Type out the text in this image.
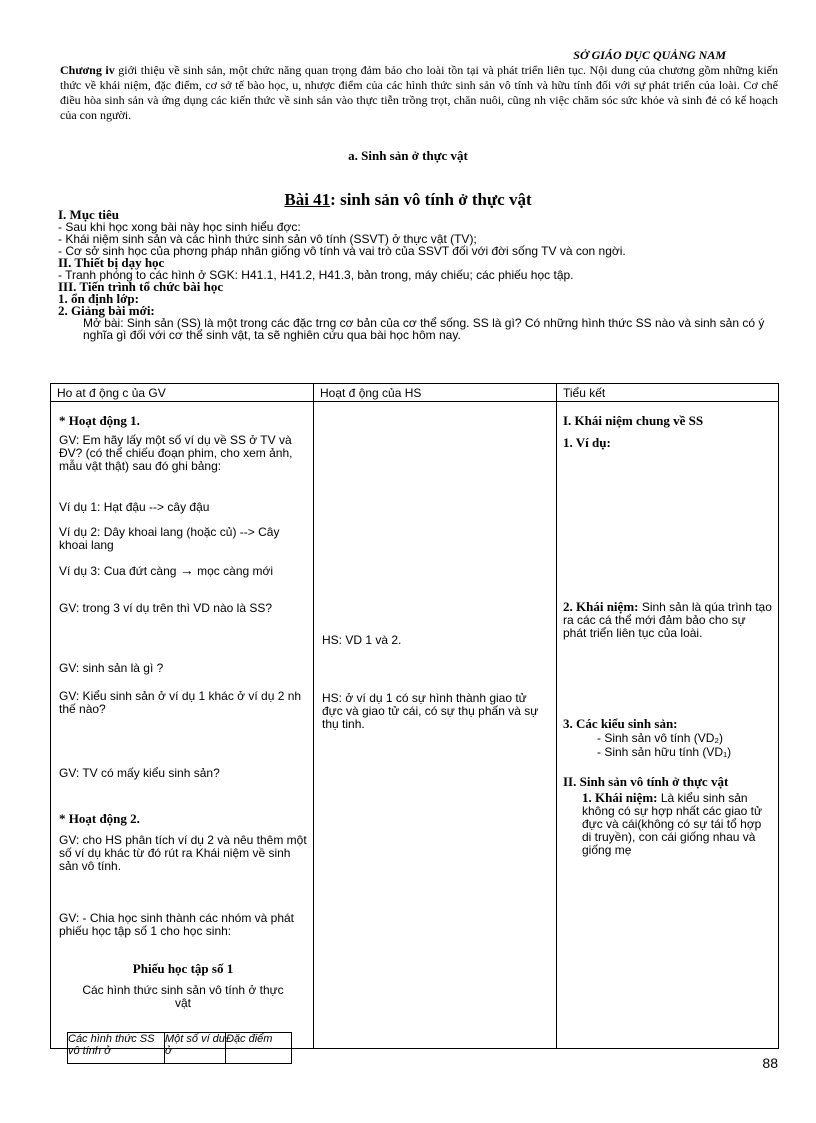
SỞ GIÁO DỤC QUẢNG NAM
Chương iv giới thiệu về sinh sản, một chức năng quan trọng đảm bảo cho loài tồn tại và phát triển liên tục. Nội dung của chương gồm những kiến thức về khái niệm, đặc điểm, cơ sở tế bào học, u, nhược điểm của các hình thức sinh sản vô tính và hữu tính đối với sự phát triển của loài. Cơ chế điều hòa sinh sản và ứng dụng các kiến thức về sinh sản vào thực tiễn trồng trọt, chăn nuôi, cũng nh việc chăm sóc sức khỏe và sinh đẻ có kế hoạch của con người.
a. Sinh sản ở thực vật
Bài 41: sinh sản vô tính ở thực vật
I. Mục tiêu
- Sau khi học xong bài này học sinh hiểu đợc:
- Khái niệm sinh sản và các hình thức sinh sản vô tính (SSVT) ở thực vật (TV);
- Cơ sở sinh học của phơng pháp nhân giống vô tính và vai trò của SSVT đối với đời sống TV và con ngời.
II. Thiết bị dạy học
- Tranh phóng to các hình ở SGK: H41.1, H41.2, H41.3, bản trong, máy chiếu; các phiếu học tập.
III. Tiến trình tổ chức bài học
1. ổn định lớp:
2. Giảng bài mới:
Mở bài: Sinh sản (SS) là một trong các đặc trng cơ bản của cơ thể sống. SS là gì? Có những hình thức SS nào và sinh sản có ý nghĩa gì đối với cơ thể sinh vật, ta sẽ nghiên cứu qua bài học hôm nay.
Ho at đ ộng c ủa GV	Hoạt đ ộng của HS	Tiểu kết

* Hoạt động 1.
GV: Em hãy lấy một số ví dụ về SS ở TV và ĐV? (có thể chiếu đoạn phim, cho xem ảnh, mẫu vật thật) sau đó ghi bảng:
Ví dụ 1: Hạt đậu --> cây đậu
Ví dụ 2: Dây khoai lang (hoặc củ) --> Cây khoai lang
Ví dụ 3: Cua đứt càng → mọc càng mới
GV: trong 3 ví dụ trên thì VD nào là SS?
GV: sinh sản là gì ?
GV: Kiểu sinh sản ở ví dụ 1 khác ở ví dụ 2 nh thế nào?
GV: TV có mấy kiểu sinh sản?
* Hoạt động 2.
GV: cho HS phân tích ví dụ 2 và nêu thêm một số ví dụ khác từ đó rút ra Khái niệm về sinh sản vô tính.
GV: - Chia học sinh thành các nhóm và phát phiếu học tập số 1 cho học sinh:
Phiếu học tập số 1
Các hình thức sinh sản vô tính ở thực vật
Các hình thức SS vô tính ở	Một số ví du ở	Đặc điểm

HS: VD 1 và 2.
HS: ở ví dụ 1 có sự hình thành giao tử đực và giao tử cái, có sự thụ phấn và sự thụ tinh.

I. Khái niệm chung về SS
1. Ví dụ:
2. Khái niệm: Sinh sản là qúa trình tạo ra các cá thể mới đảm bảo cho sự phát triển liên tục của loài.
3. Các kiểu sinh sản:
- Sinh sản vô tính (VD₂)
- Sinh sản hữu tính (VD₁)
II. Sinh sản vô tính ở thực vật
1. Khái niệm: Là kiểu sinh sản không có sự hợp nhất các giao tử đực và cái(không có sự tái tổ hợp di truyền), con cái giống nhau và giống mẹ
88
